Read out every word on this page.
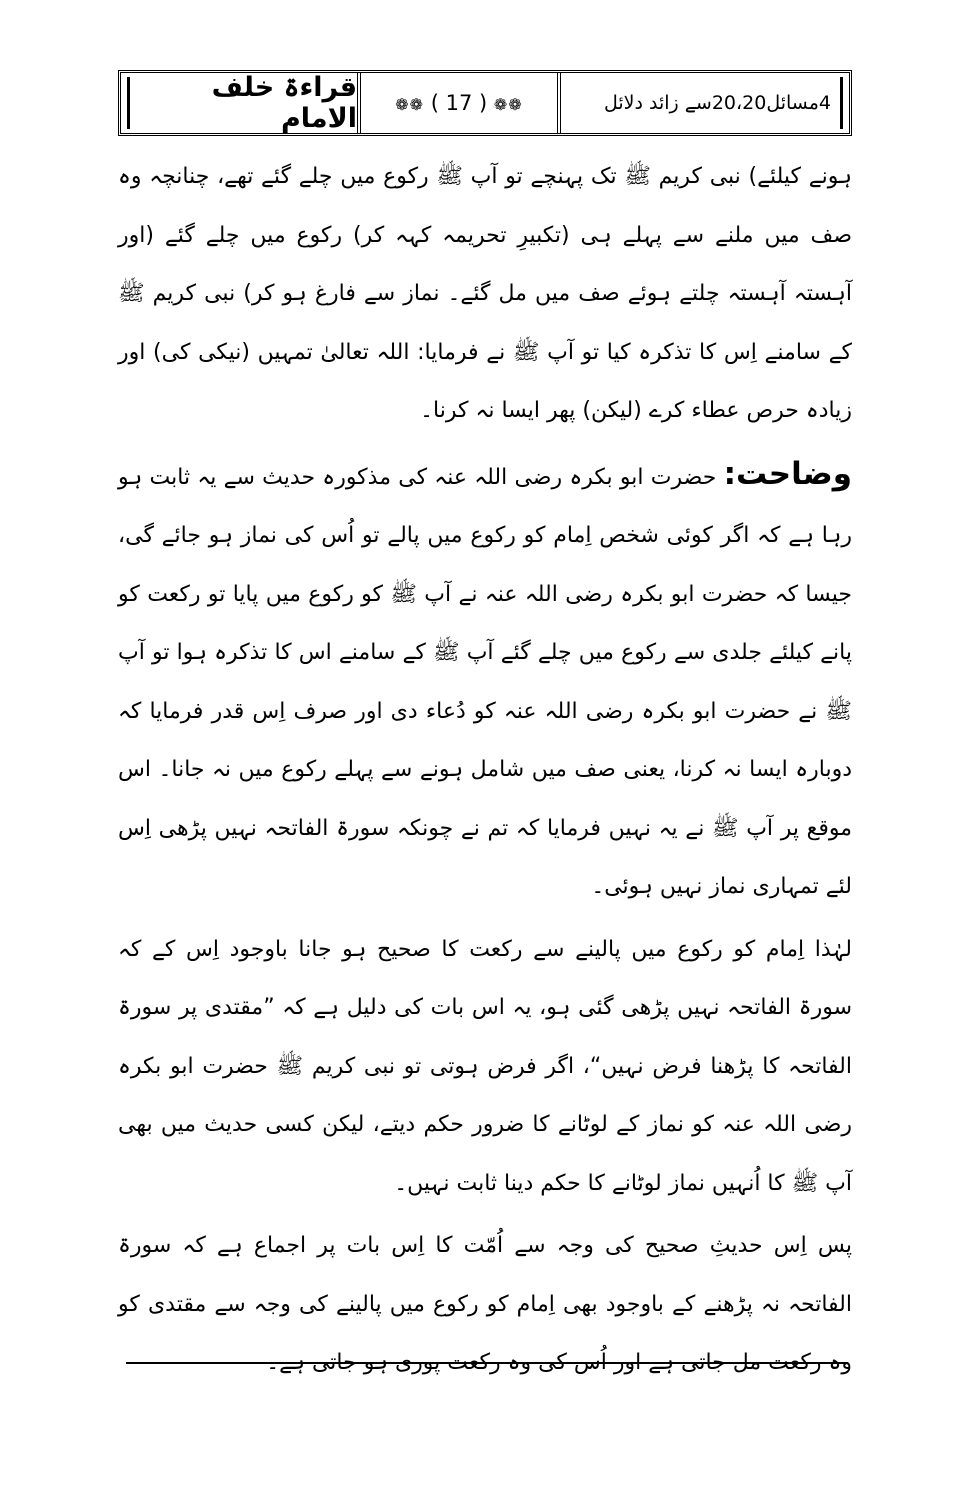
قراءۃ خلف الامام ❁❁ ( 17 ) ❁❁	4مسائل20،20سے زائد دلائل

ہونے کیلئے) نبی کریم ﷺ تک پہنچے تو آپ ﷺ رکوع میں چلے گئے تھے، چنانچہ وہ صف میں ملنے سے پہلے ہی (تکبیرِ تحریمہ کہہ کر) رکوع میں چلے گئے (اور آہستہ آہستہ چلتے ہوئے صف میں مل گئے۔ نماز سے فارغ ہو کر) نبی کریم ﷺ کے سامنے اِس کا تذکرہ کیا تو آپ ﷺ نے فرمایا: اللہ تعالیٰ تمہیں (نیکی کی) اور زیادہ حرص عطاء کرے (لیکن) پھر ایسا نہ کرنا۔

وضاحت: حضرت ابو بکرہ رضی اللہ عنہ کی مذکورہ حدیث سے یہ ثابت ہو رہا ہے کہ اگر کوئی شخص اِمام کو رکوع میں پالے تو اُس کی نماز ہو جائے گی، جیسا کہ حضرت ابو بکرہ رضی اللہ عنہ نے آپ ﷺ کو رکوع میں پایا تو رکعت کو پانے کیلئے جلدی سے رکوع میں چلے گئے آپ ﷺ کے سامنے اس کا تذکرہ ہوا تو آپ ﷺ نے حضرت ابو بکرہ رضی اللہ عنہ کو دُعاء دی اور صرف اِس قدر فرمایا کہ دوبارہ ایسا نہ کرنا، یعنی صف میں شامل ہونے سے پہلے رکوع میں نہ جانا۔ اس موقع پر آپ ﷺ نے یہ نہیں فرمایا کہ تم نے چونکہ سورۃ الفاتحہ نہیں پڑھی اِس لئے تمہاری نماز نہیں ہوئی۔

لہٰذا اِمام کو رکوع میں پالینے سے رکعت کا صحیح ہو جانا باوجود اِس کے کہ سورۃ الفاتحہ نہیں پڑھی گئی ہو، یہ اس بات کی دلیل ہے کہ ”مقتدی پر سورۃ الفاتحہ کا پڑھنا فرض نہیں“، اگر فرض ہوتی تو نبی کریم ﷺ حضرت ابو بکرہ رضی اللہ عنہ کو نماز کے لوٹانے کا ضرور حکم دیتے، لیکن کسی حدیث میں بھی آپ ﷺ کا اُنہیں نماز لوٹانے کا حکم دینا ثابت نہیں۔

پس اِس حدیثِ صحیح کی وجہ سے اُمّت کا اِس بات پر اجماع ہے کہ سورۃ الفاتحہ نہ پڑھنے کے باوجود بھی اِمام کو رکوع میں پالینے کی وجہ سے مقتدی کو وہ رکعت مل جاتی ہے اور اُس کی وہ رکعت پوری ہو جاتی ہے۔
